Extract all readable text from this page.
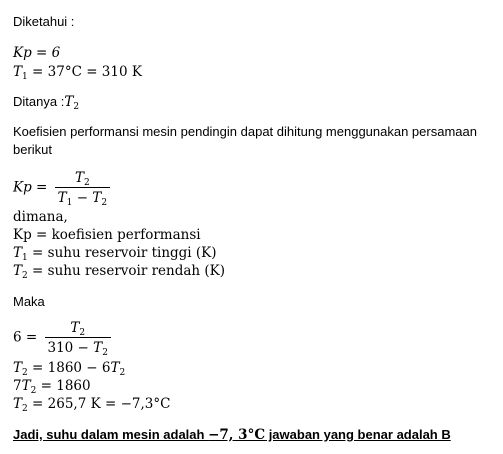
Diketahui :
Kp = 6
$T_1 = 37^\circ C = 310$ K
Ditanya $:T_2$
Koefisien performansi mesin pendingin dapat dihitung menggunakan persamaan
berikut
$Kp = \frac{T_2}{T_1 - T_2}$
dimana,
Kp = koefisien performansi
$T_1$ = suhu reservoir tinggi (K)
$T_2$ = suhu reservoir rendah (K)
Maka
$6 = \frac{T_2}{310 - T_2}$
$T_2 = 1860 - 6T_2$
$7T_2 = 1860$
$T_2 = 265,7$ K = −7,3°C
Jadi, suhu dalam mesin adalah −7, 3°C jawaban yang benar adalah B
